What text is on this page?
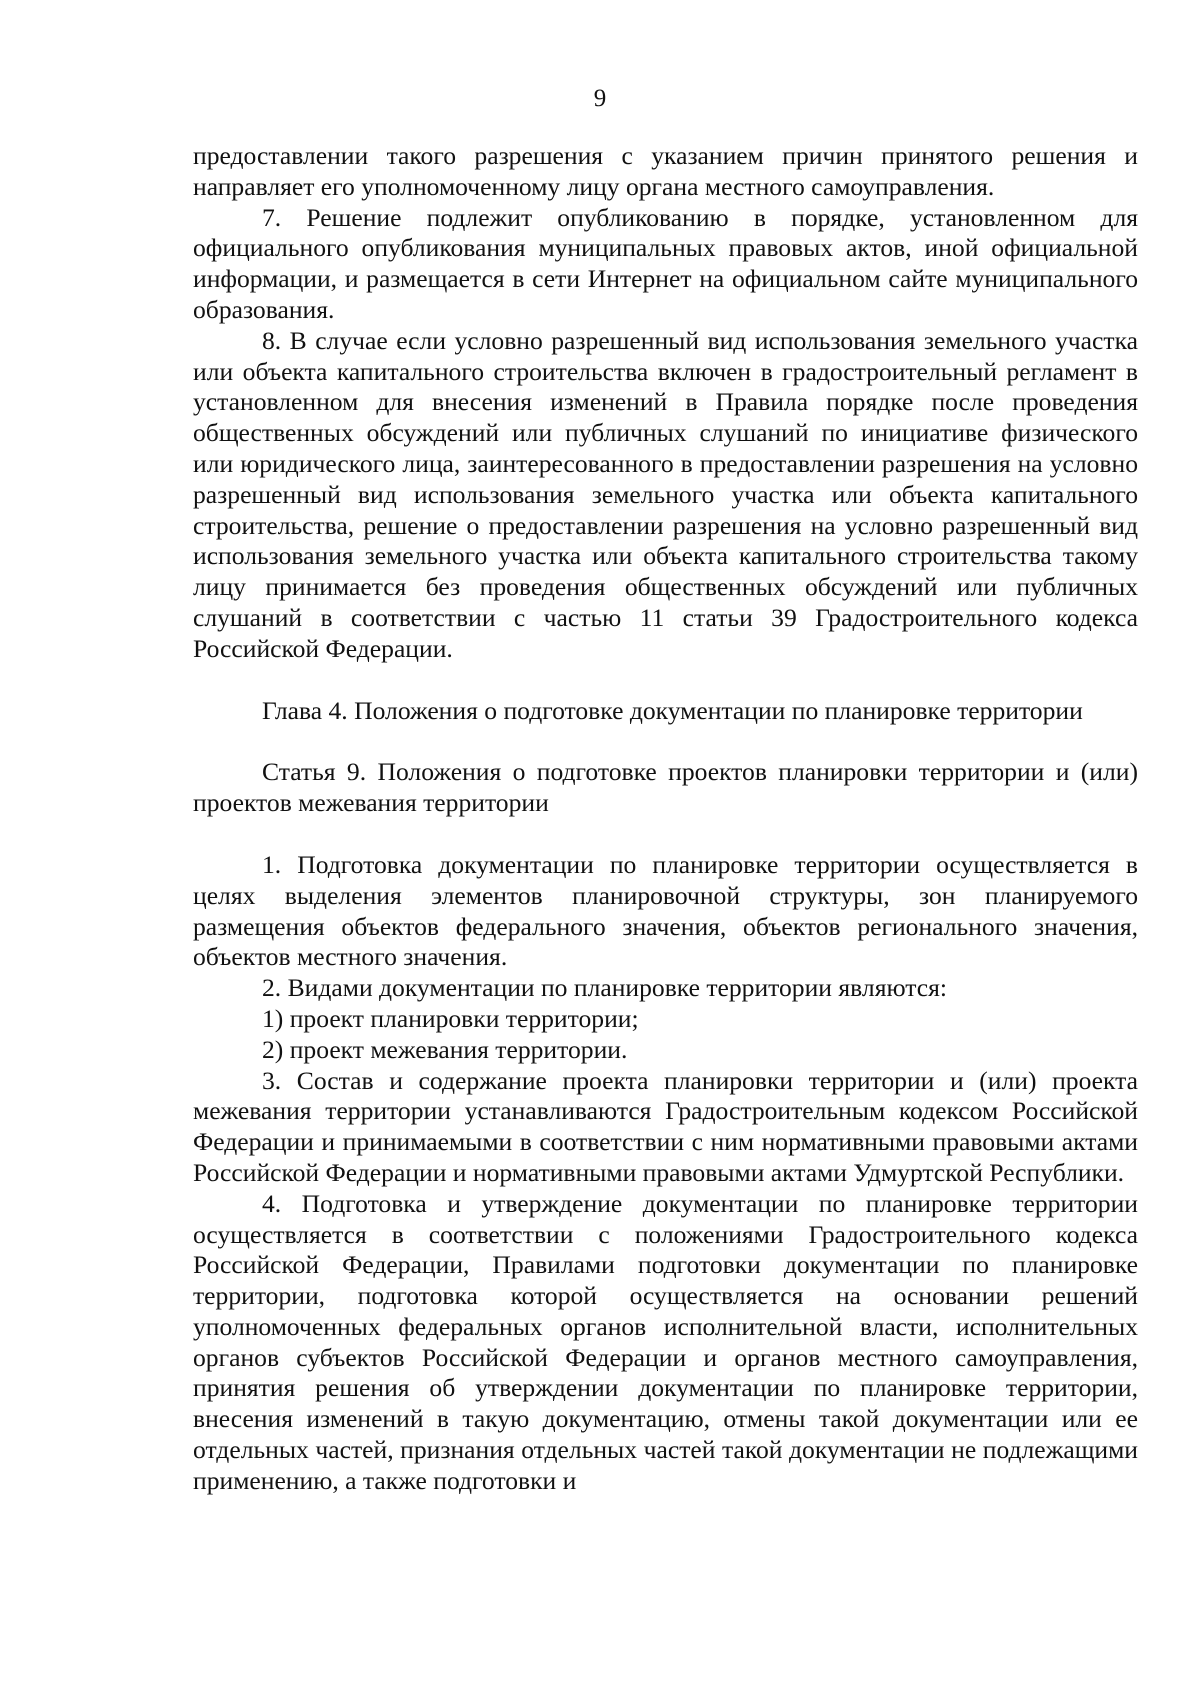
9

предоставлении такого разрешения с указанием причин принятого решения и направляет его уполномоченному лицу органа местного самоуправления.

7. Решение подлежит опубликованию в порядке, установленном для официального опубликования муниципальных правовых актов, иной официальной информации, и размещается в сети Интернет на официальном сайте муниципального образования.

8. В случае если условно разрешенный вид использования земельного участка или объекта капитального строительства включен в градостроительный регламент в установленном для внесения изменений в Правила порядке после проведения общественных обсуждений или публичных слушаний по инициативе физического или юридического лица, заинтересованного в предоставлении разрешения на условно разрешенный вид использования земельного участка или объекта капитального строительства, решение о предоставлении разрешения на условно разрешенный вид использования земельного участка или объекта капитального строительства такому лицу принимается без проведения общественных обсуждений или публичных слушаний в соответствии с частью 11 статьи 39 Градостроительного кодекса Российской Федерации.

Глава 4. Положения о подготовке документации по планировке территории

Статья 9. Положения о подготовке проектов планировки территории и (или) проектов межевания территории

1. Подготовка документации по планировке территории осуществляется в целях выделения элементов планировочной структуры, зон планируемого размещения объектов федерального значения, объектов регионального значения, объектов местного значения.

2. Видами документации по планировке территории являются:

1) проект планировки территории;

2) проект межевания территории.

3. Состав и содержание проекта планировки территории и (или) проекта межевания территории устанавливаются Градостроительным кодексом Российской Федерации и принимаемыми в соответствии с ним нормативными правовыми актами Российской Федерации и нормативными правовыми актами Удмуртской Республики.

4. Подготовка и утверждение документации по планировке территории осуществляется в соответствии с положениями Градостроительного кодекса Российской Федерации, Правилами подготовки документации по планировке территории, подготовка которой осуществляется на основании решений уполномоченных федеральных органов исполнительной власти, исполнительных органов субъектов Российской Федерации и органов местного самоуправления, принятия решения об утверждении документации по планировке территории, внесения изменений в такую документацию, отмены такой документации или ее отдельных частей, признания отдельных частей такой документации не подлежащими применению, а также подготовки и
